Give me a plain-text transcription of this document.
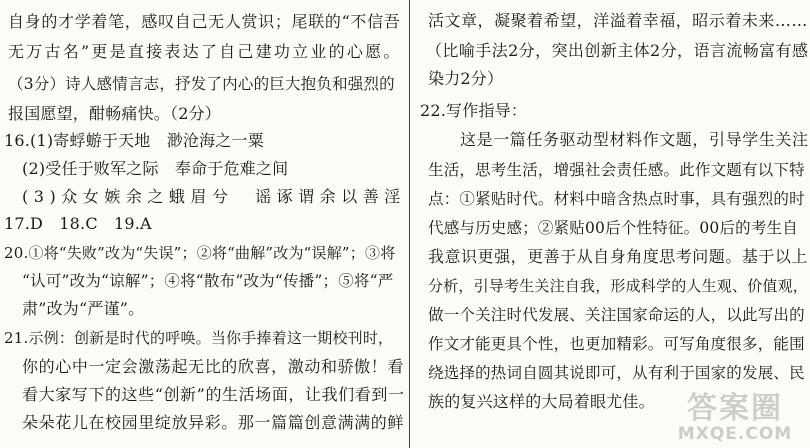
自身的才学着笔，感叹自己无人赏识；尾联的“不信吾
无万古名”更是直接表达了自己建功立业的心愿。
（3分）诗人感情言志，抒发了内心的巨大抱负和强烈的
报国愿望，酣畅痛快。（2分）
16.(1)寄蜉蝣于天地　渺沧海之一粟
(2)受任于败军之际　奉命于危难之间
(3)众女嫉余之蛾眉兮　谣诼谓余以善淫
17.D　18.C　19.A
20.①将“失败”改为“失误”；②将“曲解”改为“误解”；③将
“认可”改为“谅解”；④将“散布”改为“传播”；⑤将“严
肃”改为“严谨”。
21.示例：创新是时代的呼唤。当你手捧着这一期校刊时，
你的心中一定会激荡起无比的欣喜，激动和骄傲！看
看大家写下的这些“创新”的生活场面，让我们看到一
朵朵花儿在校园里绽放异彩。那一篇篇创意满满的鲜
活文章，凝聚着希望，洋溢着幸福，昭示着未来……
（比喻手法2分，突出创新主体2分，语言流畅富有感
染力2分）
22.写作指导：
这是一篇任务驱动型材料作文题，引导学生关注
生活，思考生活，增强社会责任感。此作文题有以下特
点：①紧贴时代。材料中暗含热点时事，具有强烈的时
代感与历史感；②紧贴00后个性特征。00后的考生自
我意识更强，更善于从自身角度思考问题。基于以上
分析，引导考生关注自我，形成科学的人生观、价值观，
做一个关注时代发展、关注国家命运的人，以此写出的
作文才能更具个性，也更加精彩。可写角度很多，能围
绕选择的热词自圆其说即可，从有利于国家的发展、民
族的复兴这样的大局着眼尤佳。	答案圈
MXQE.COM
